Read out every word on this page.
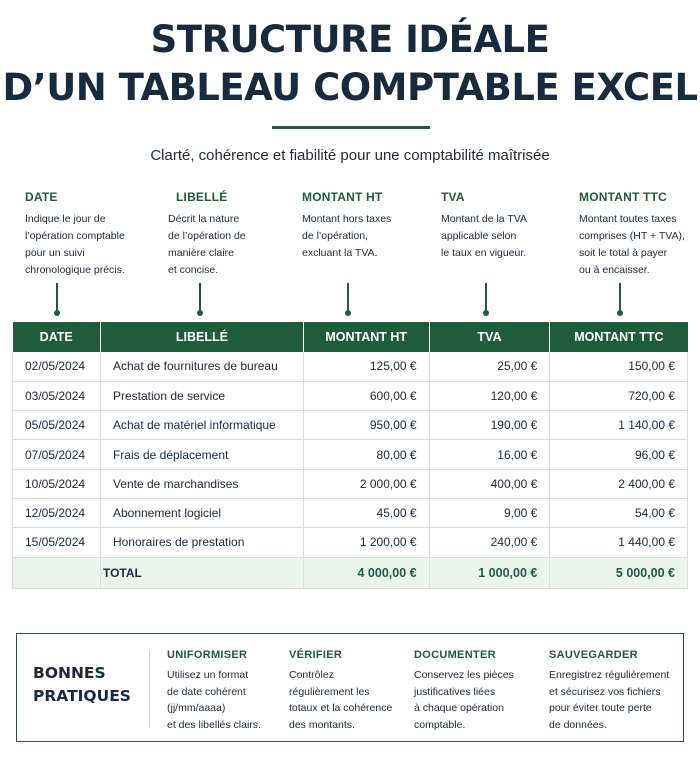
STRUCTURE IDÉALE
D’UN TABLEAU COMPTABLE EXCEL
Clarté, cohérence et fiabilité pour une comptabilité maîtrisée
DATE
Indique le jour de
l’opération comptable
pour un suivi
chronologique précis.
LIBELLÉ
Décrit la nature
de l’opération de
manière claire
et concise.
MONTANT HT
Montant hors taxes
de l’opération,
excluant la TVA.
TVA
Montant de la TVA
applicable selon
le taux en vigueur.
MONTANT TTC
Montant toutes taxes
comprises (HT + TVA),
soit le total à payer
ou à encaisser.
DATE	LIBELLÉ	MONTANT HT	TVA	MONTANT TTC
02/05/2024	Achat de fournitures de bureau	125,00 €	25,00 €	150,00 €
03/05/2024	Prestation de service	600,00 €	120,00 €	720,00 €
05/05/2024	Achat de matériel informatique	950,00 €	190,00 €	1 140,00 €
07/05/2024	Frais de déplacement	80,00 €	16,00 €	96,00 €
10/05/2024	Vente de marchandises	2 000,00 €	400,00 €	2 400,00 €
12/05/2024	Abonnement logiciel	45,00 €	9,00 €	54,00 €
15/05/2024	Honoraires de prestation	1 200,00 €	240,00 €	1 440,00 €
	TOTAL	4 000,00 €	1 000,00 €	5 000,00 €
BONNES
PRATIQUES
UNIFORMISER
Utilisez un format
de date cohérent
(jj/mm/aaaa)
et des libellés clairs.
VÉRIFIER
Contrôlez
régulièrement les
totaux et la cohérence
des montants.
DOCUMENTER
Conservez les pièces
justificatives liées
à chaque opération
comptable.
SAUVEGARDER
Enregistrez régulièrement
et sécurisez vos fichiers
pour éviter toute perte
de données.
